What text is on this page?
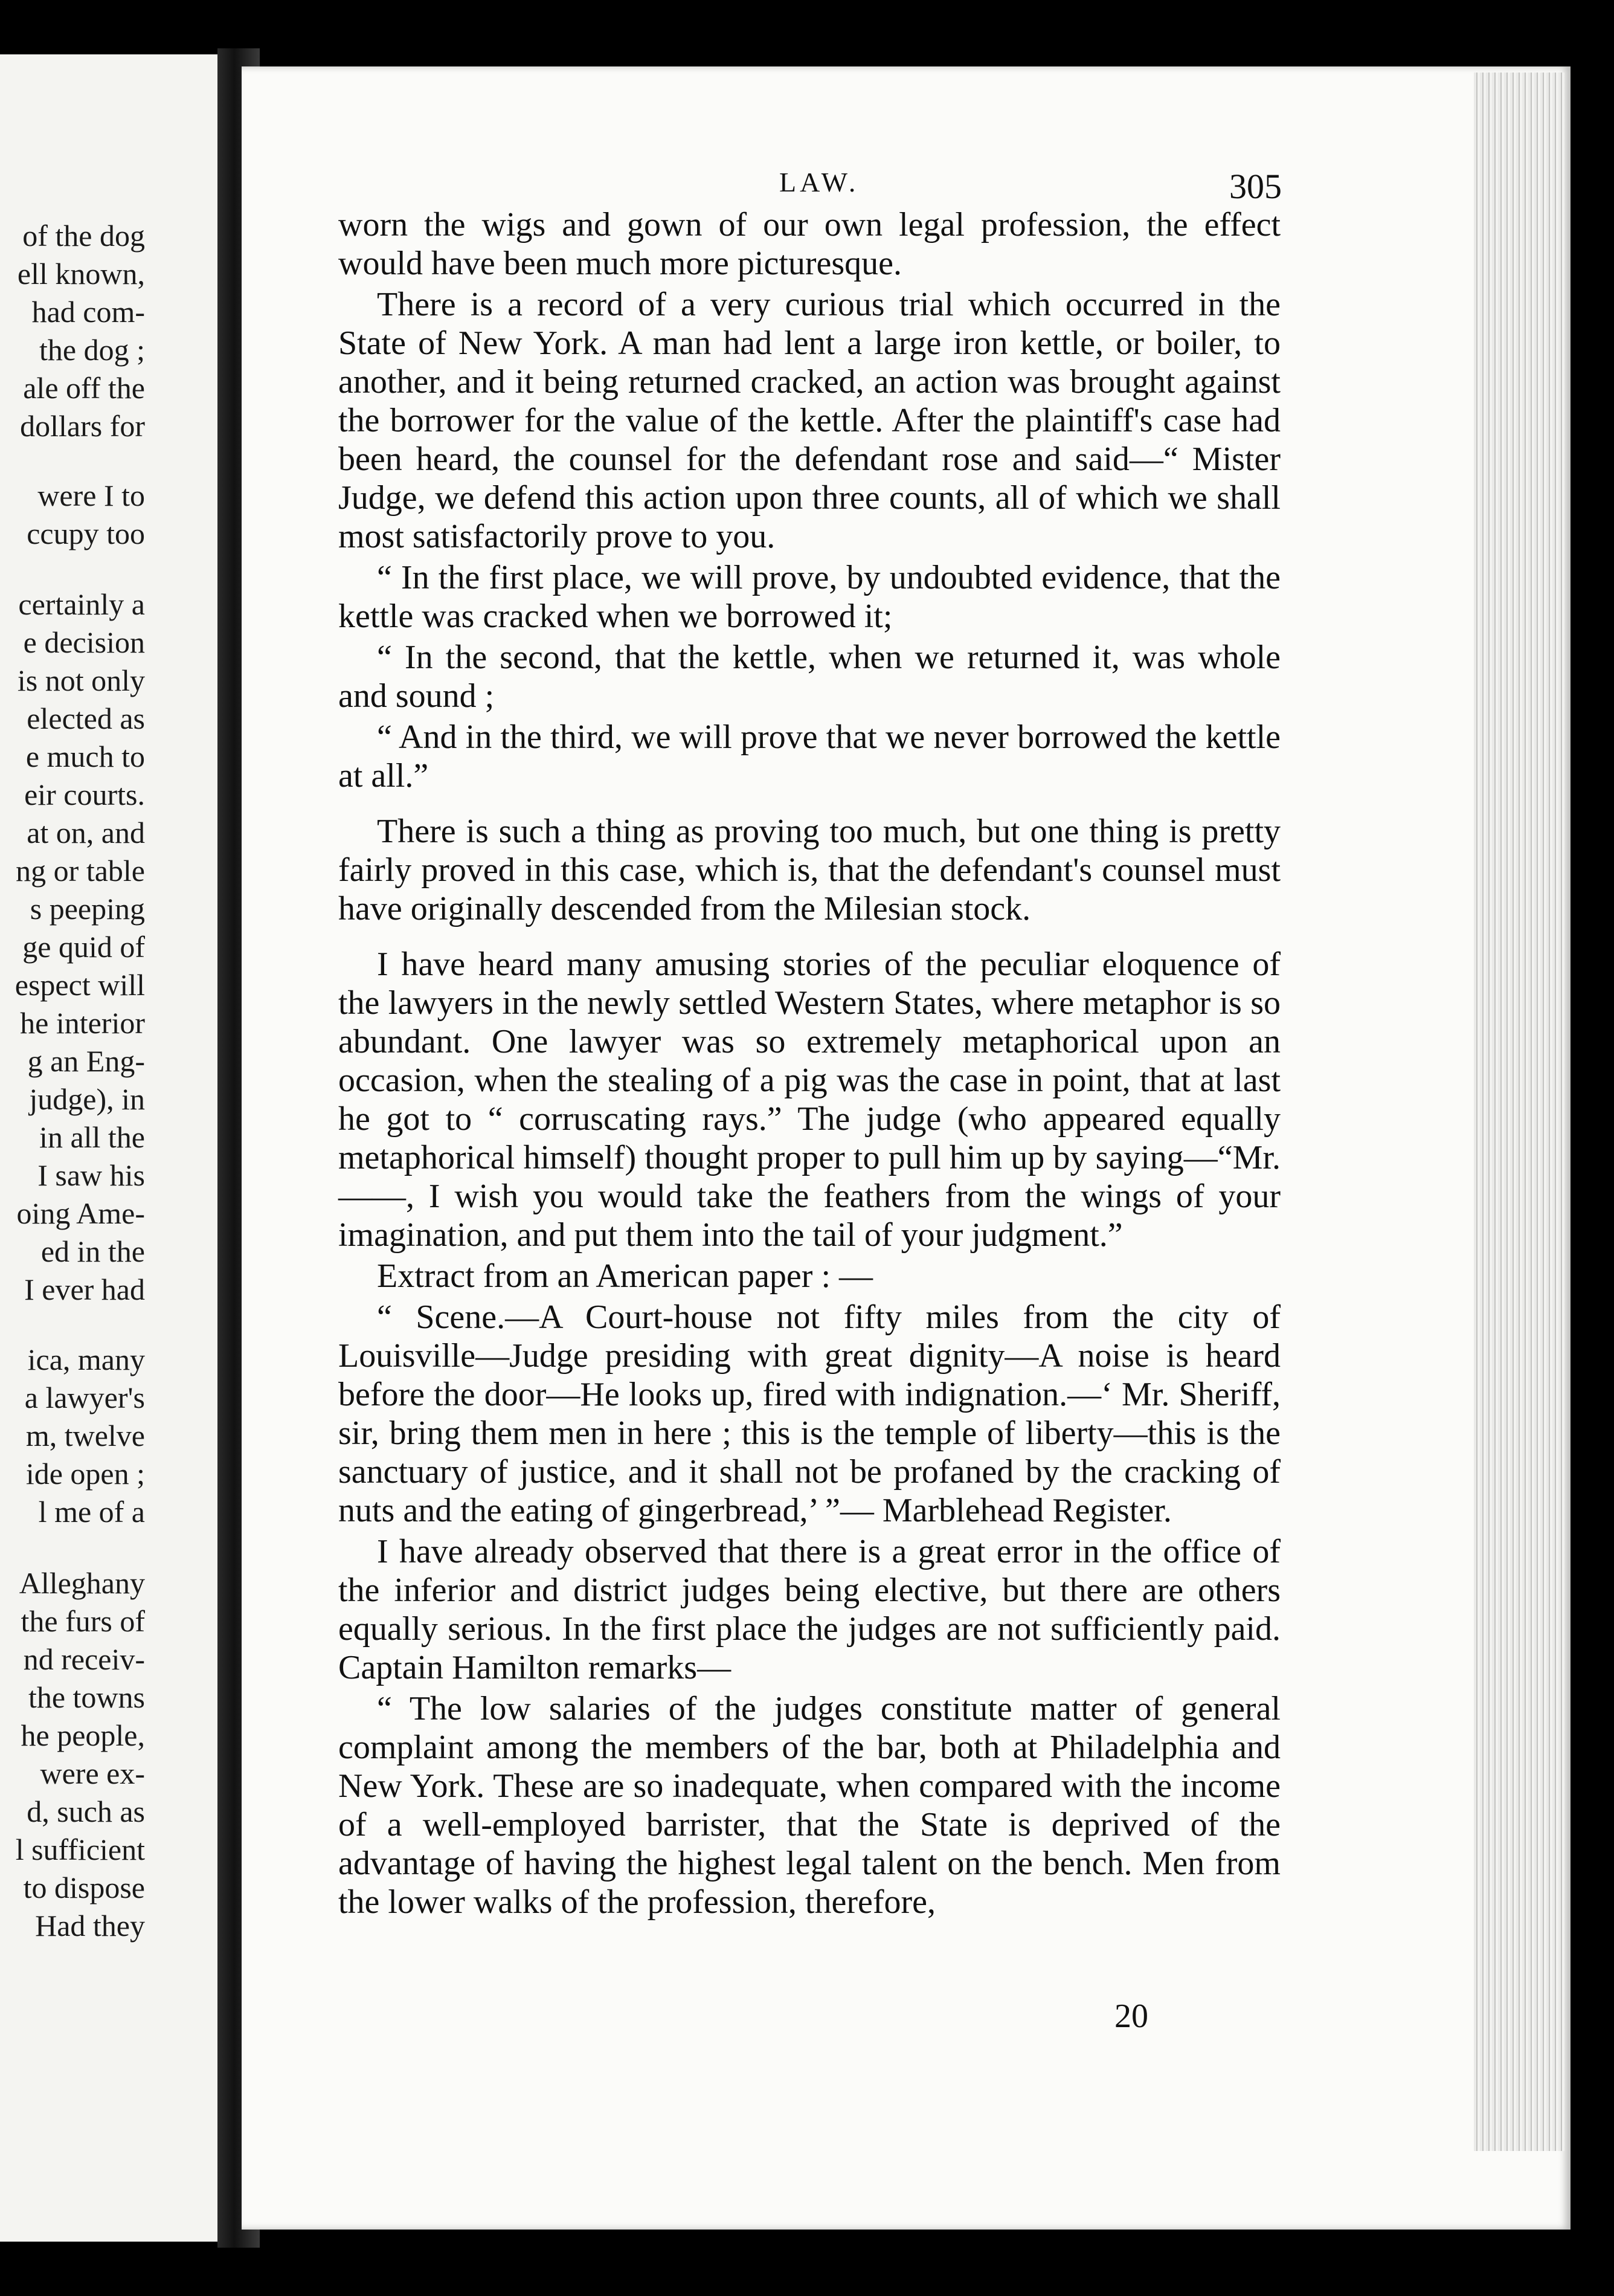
of the dog
ell known,
had com-
the dog ;
ale off the
dollars for
were I to
ccupy too
certainly a
e decision
is not only
elected as
e much to
eir courts.
at on, and
ng or table
s peeping
ge quid of
espect will
he interior
g an Eng-
judge), in
in all the
I saw his
oing Ame-
ed in the
I ever had
ica, many
a lawyer's
m, twelve
ide open ;
l me of a
Alleghany
the furs of
nd receiv-
the towns
he people,
were ex-
d, such as
l sufficient
to dispose
Had they
LAW.	305

worn the wigs and gown of our own legal profession, the effect would have been much more picturesque.

There is a record of a very curious trial which occurred in the State of New York. A man had lent a large iron kettle, or boiler, to another, and it being returned cracked, an action was brought against the borrower for the value of the kettle. After the plaintiff's case had been heard, the counsel for the defendant rose and said—“ Mister Judge, we defend this action upon three counts, all of which we shall most satisfactorily prove to you.

“ In the first place, we will prove, by undoubted evidence, that the kettle was cracked when we borrowed it;

“ In the second, that the kettle, when we returned it, was whole and sound ;

“ And in the third, we will prove that we never borrowed the kettle at all.”

There is such a thing as proving too much, but one thing is pretty fairly proved in this case, which is, that the defendant's counsel must have originally descended from the Milesian stock.

I have heard many amusing stories of the peculiar eloquence of the lawyers in the newly settled Western States, where metaphor is so abundant. One lawyer was so extremely metaphorical upon an occasion, when the stealing of a pig was the case in point, that at last he got to “ corruscating rays.” The judge (who appeared equally metaphorical himself) thought proper to pull him up by saying—“Mr.——, I wish you would take the feathers from the wings of your imagination, and put them into the tail of your judgment.”

Extract from an American paper : —

“ Scene.—A Court-house not fifty miles from the city of Louisville—Judge presiding with great dignity—A noise is heard before the door—He looks up, fired with indignation.—‘ Mr. Sheriff, sir, bring them men in here ; this is the temple of liberty—this is the sanctuary of justice, and it shall not be profaned by the cracking of nuts and the eating of gingerbread,’ ”— Marblehead Register.

I have already observed that there is a great error in the office of the inferior and district judges being elective, but there are others equally serious. In the first place the judges are not sufficiently paid. Captain Hamilton remarks—

“ The low salaries of the judges constitute matter of general complaint among the members of the bar, both at Philadelphia and New York. These are so inadequate, when compared with the income of a well-employed barrister, that the State is deprived of the advantage of having the highest legal talent on the bench. Men from the lower walks of the profession, therefore,

20
